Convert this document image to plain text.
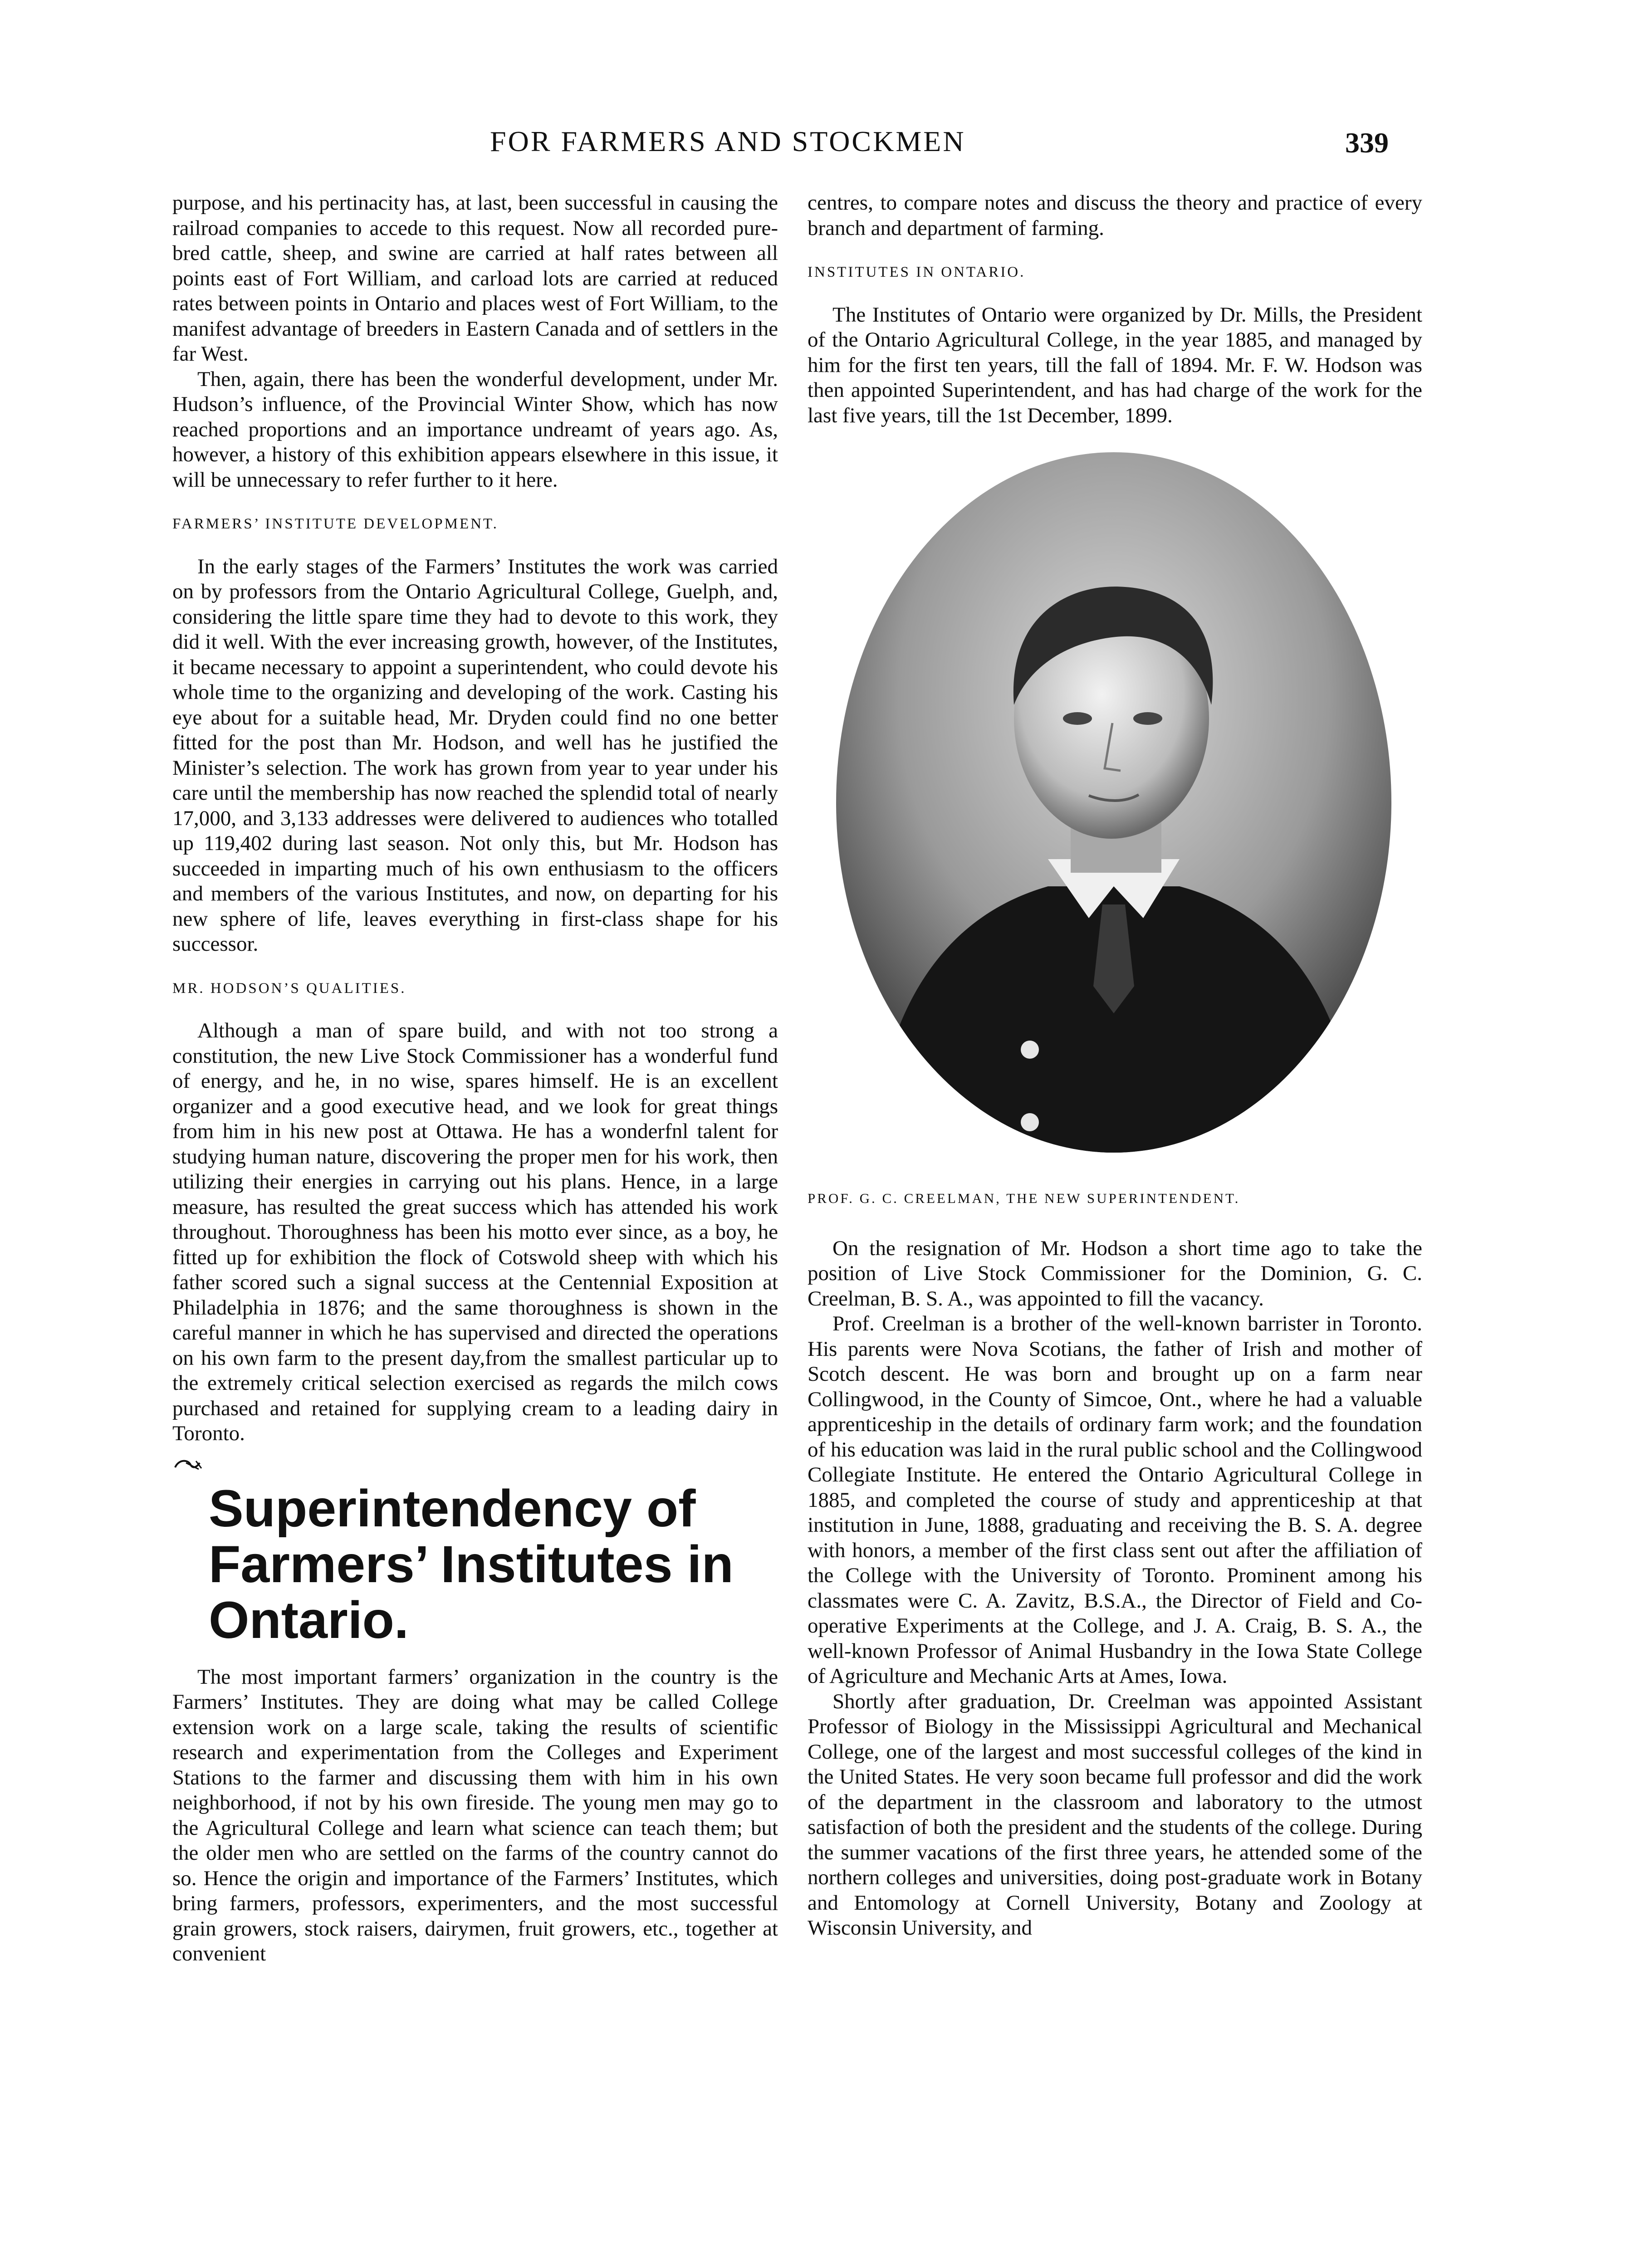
FOR FARMERS AND STOCKMEN	339

purpose, and his pertinacity has, at last, been successful in causing the railroad companies to accede to this request. Now all recorded pure-bred cattle, sheep, and swine are carried at half rates between all points east of Fort William, and carload lots are carried at reduced rates between points in Ontario and places west of Fort William, to the manifest advantage of breeders in Eastern Canada and of settlers in the far West.

Then, again, there has been the wonderful development, under Mr. Hudson’s influence, of the Provincial Winter Show, which has now reached proportions and an importance undreamt of years ago. As, however, a history of this exhibition appears elsewhere in this issue, it will be unnecessary to refer further to it here.

FARMERS’ INSTITUTE DEVELOPMENT.

In the early stages of the Farmers’ Institutes the work was carried on by professors from the Ontario Agricultural College, Guelph, and, considering the little spare time they had to devote to this work, they did it well. With the ever increasing growth, however, of the Institutes, it became necessary to appoint a superintendent, who could devote his whole time to the organizing and developing of the work. Casting his eye about for a suitable head, Mr. Dryden could find no one better fitted for the post than Mr. Hodson, and well has he justified the Minister’s selection. The work has grown from year to year under his care until the membership has now reached the splendid total of nearly 17,000, and 3,133 addresses were delivered to audiences who totalled up 119,402 during last season. Not only this, but Mr. Hodson has succeeded in imparting much of his own enthusiasm to the officers and members of the various Institutes, and now, on departing for his new sphere of life, leaves everything in first-class shape for his successor.

MR. HODSON’S QUALITIES.

Although a man of spare build, and with not too strong a constitution, the new Live Stock Commissioner has a wonderful fund of energy, and he, in no wise, spares himself. He is an excellent organizer and a good executive head, and we look for great things from him in his new post at Ottawa. He has a wonderfnl talent for studying human nature, discovering the proper men for his work, then utilizing their energies in carrying out his plans. Hence, in a large measure, has resulted the great success which has attended his work throughout. Thoroughness has been his motto ever since, as a boy, he fitted up for exhibition the flock of Cotswold sheep with which his father scored such a signal success at the Centennial Exposition at Philadelphia in 1876; and the same thoroughness is shown in the careful manner in which he has supervised and directed the operations on his own farm to the present day,from the smallest particular up to the extremely critical selection exercised as regards the milch cows purchased and retained for supplying cream to a leading dairy in Toronto.

Superintendency of Farmers’ Institutes in Ontario.

The most important farmers’ organization in the country is the Farmers’ Institutes. They are doing what may be called College extension work on a large scale, taking the results of scientific research and experimentation from the Colleges and Experiment Stations to the farmer and discussing them with him in his own neighborhood, if not by his own fireside. The young men may go to the Agricultural College and learn what science can teach them; but the older men who are settled on the farms of the country cannot do so. Hence the origin and importance of the Farmers’ Institutes, which bring farmers, professors, experimenters, and the most successful grain growers, stock raisers, dairymen, fruit growers, etc., together at convenient

centres, to compare notes and discuss the theory and practice of every branch and department of farming.

INSTITUTES IN ONTARIO.

The Institutes of Ontario were organized by Dr. Mills, the President of the Ontario Agricultural College, in the year 1885, and managed by him for the first ten years, till the fall of 1894. Mr. F. W. Hodson was then appointed Superintendent, and has had charge of the work for the last five years, till the 1st December, 1899.

PROF. G. C. CREELMAN, THE NEW SUPERINTENDENT.

On the resignation of Mr. Hodson a short time ago to take the position of Live Stock Commissioner for the Dominion, G. C. Creelman, B. S. A., was appointed to fill the vacancy.

Prof. Creelman is a brother of the well-known barrister in Toronto. His parents were Nova Scotians, the father of Irish and mother of Scotch descent. He was born and brought up on a farm near Collingwood, in the County of Simcoe, Ont., where he had a valuable apprenticeship in the details of ordinary farm work; and the foundation of his education was laid in the rural public school and the Collingwood Collegiate Institute. He entered the Ontario Agricultural College in 1885, and completed the course of study and apprenticeship at that institution in June, 1888, graduating and receiving the B. S. A. degree with honors, a member of the first class sent out after the affiliation of the College with the University of Toronto. Prominent among his classmates were C. A. Zavitz, B.S.A., the Director of Field and Co-operative Experiments at the College, and J. A. Craig, B. S. A., the well-known Professor of Animal Husbandry in the Iowa State College of Agriculture and Mechanic Arts at Ames, Iowa.

Shortly after graduation, Dr. Creelman was appointed Assistant Professor of Biology in the Mississippi Agricultural and Mechanical College, one of the largest and most successful colleges of the kind in the United States. He very soon became full professor and did the work of the department in the classroom and laboratory to the utmost satisfaction of both the president and the students of the college. During the summer vacations of the first three years, he attended some of the northern colleges and universities, doing post-graduate work in Botany and Entomology at Cornell University, Botany and Zoology at Wisconsin University, and
